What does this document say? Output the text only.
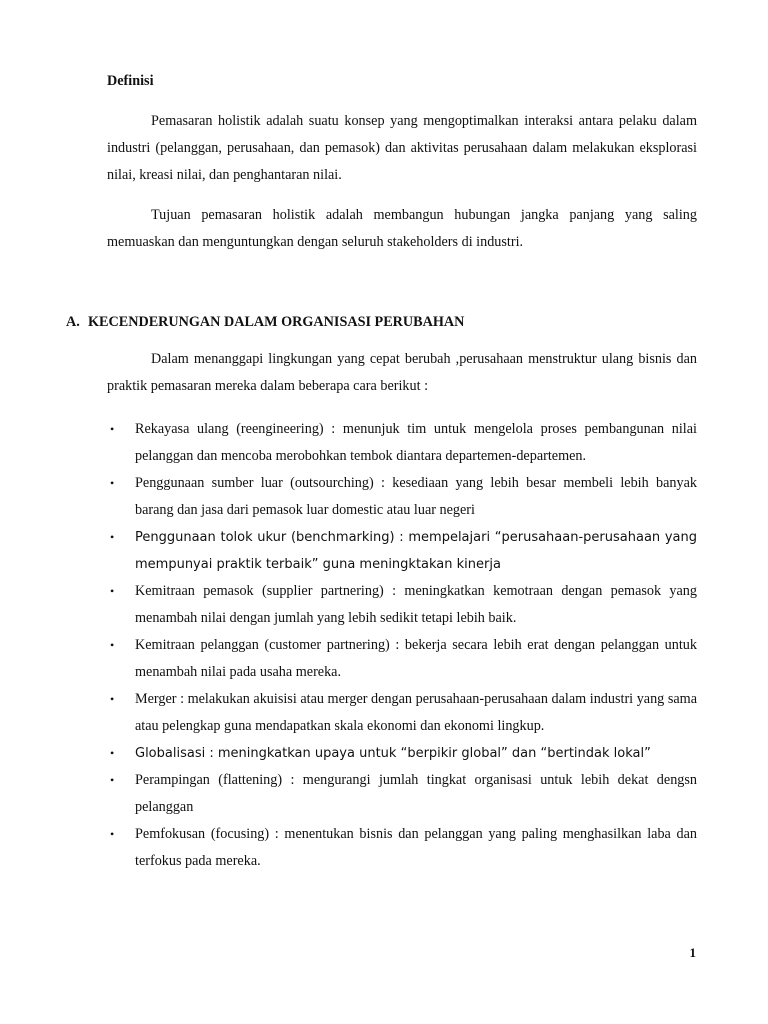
Definisi

Pemasaran holistik adalah suatu konsep yang mengoptimalkan interaksi antara pelaku dalam industri (pelanggan, perusahaan, dan pemasok) dan aktivitas perusahaan dalam melakukan eksplorasi nilai, kreasi nilai, dan penghantaran nilai.

Tujuan pemasaran holistik adalah membangun hubungan jangka panjang yang saling memuaskan dan menguntungkan dengan seluruh stakeholders di industri.

A. KECENDERUNGAN DALAM ORGANISASI PERUBAHAN

Dalam menanggapi lingkungan yang cepat berubah ,perusahaan menstruktur ulang bisnis dan praktik pemasaran mereka dalam beberapa cara berikut :

• Rekayasa ulang (reengineering) : menunjuk tim untuk mengelola proses pembangunan nilai pelanggan dan mencoba merobohkan tembok diantara departemen-departemen.
• Penggunaan sumber luar (outsourching) : kesediaan yang lebih besar membeli lebih banyak barang dan jasa dari pemasok luar domestic atau luar negeri
• Penggunaan tolok ukur (benchmarking) : mempelajari “perusahaan-perusahaan yang mempunyai praktik terbaik” guna meningktakan kinerja
• Kemitraan pemasok (supplier partnering) : meningkatkan kemotraan dengan pemasok yang menambah nilai dengan jumlah yang lebih sedikit tetapi lebih baik.
• Kemitraan pelanggan (customer partnering) : bekerja secara lebih erat dengan pelanggan untuk menambah nilai pada usaha mereka.
• Merger : melakukan akuisisi atau merger dengan perusahaan-perusahaan dalam industri yang sama atau pelengkap guna mendapatkan skala ekonomi dan ekonomi lingkup.
• Globalisasi : meningkatkan upaya untuk “berpikir global” dan “bertindak lokal”
• Perampingan (flattening) : mengurangi jumlah tingkat organisasi untuk lebih dekat dengsn pelanggan
• Pemfokusan (focusing) : menentukan bisnis dan pelanggan yang paling menghasilkan laba dan terfokus pada mereka.

1
